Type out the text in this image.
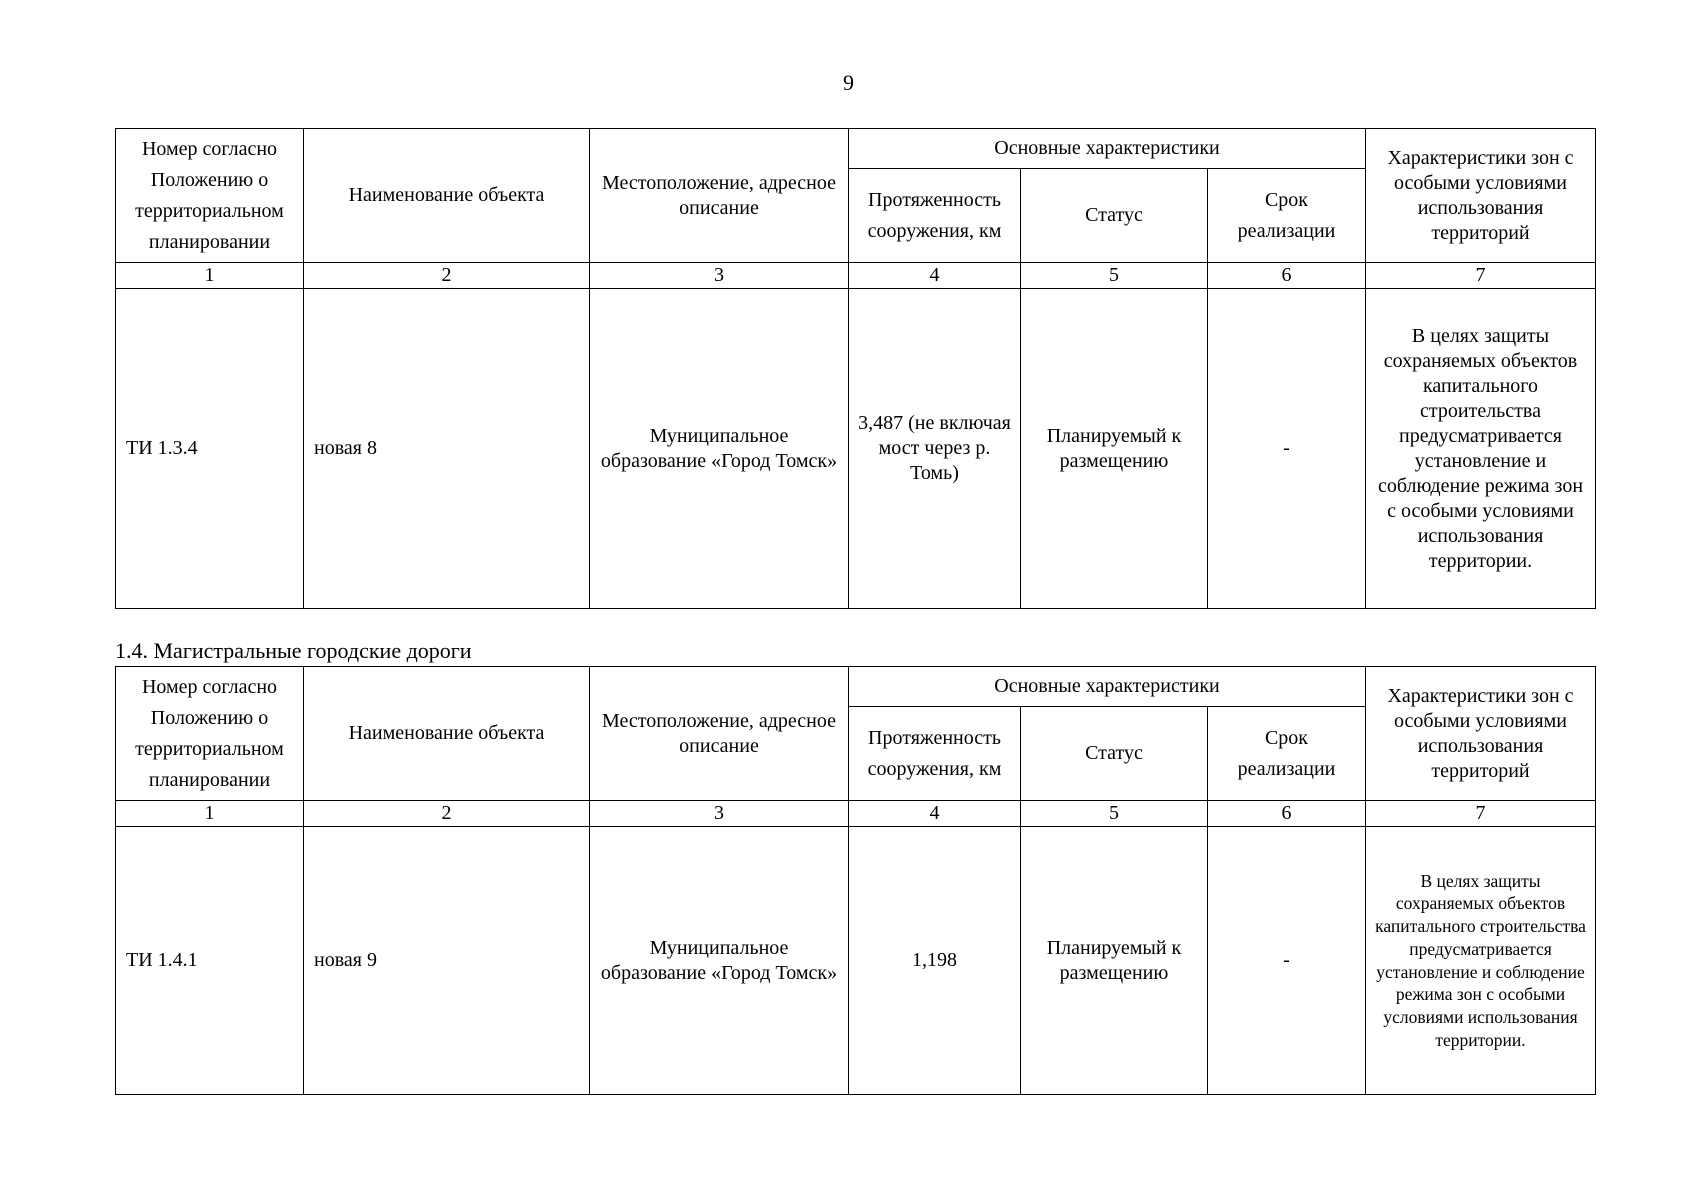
9
Номер согласно Положению о территориальном планировании	Наименование объекта	Местоположение, адресное описание	Основные характеристики			Характеристики зон с особыми условиями использования территорий
			Протяженность сооружения, км	Статус	Срок реализации	
1	2	3	4	5	6	7
ТИ 1.3.4	новая 8	Муниципальное образование «Город Томск»	3,487 (не включая мост через р. Томь)	Планируемый к размещению	-	В целях защиты сохраняемых объектов капитального строительства предусматривается установление и соблюдение режима зон с особыми условиями использования территории.
1.4. Магистральные городские дороги
Номер согласно Положению о территориальном планировании	Наименование объекта	Местоположение, адресное описание	Основные характеристики			Характеристики зон с особыми условиями использования территорий
			Протяженность сооружения, км	Статус	Срок реализации	
1	2	3	4	5	6	7
ТИ 1.4.1	новая 9	Муниципальное образование «Город Томск»	1,198	Планируемый к размещению	-	В целях защиты сохраняемых объектов капитального строительства предусматривается установление и соблюдение режима зон с особыми условиями использования территории.
